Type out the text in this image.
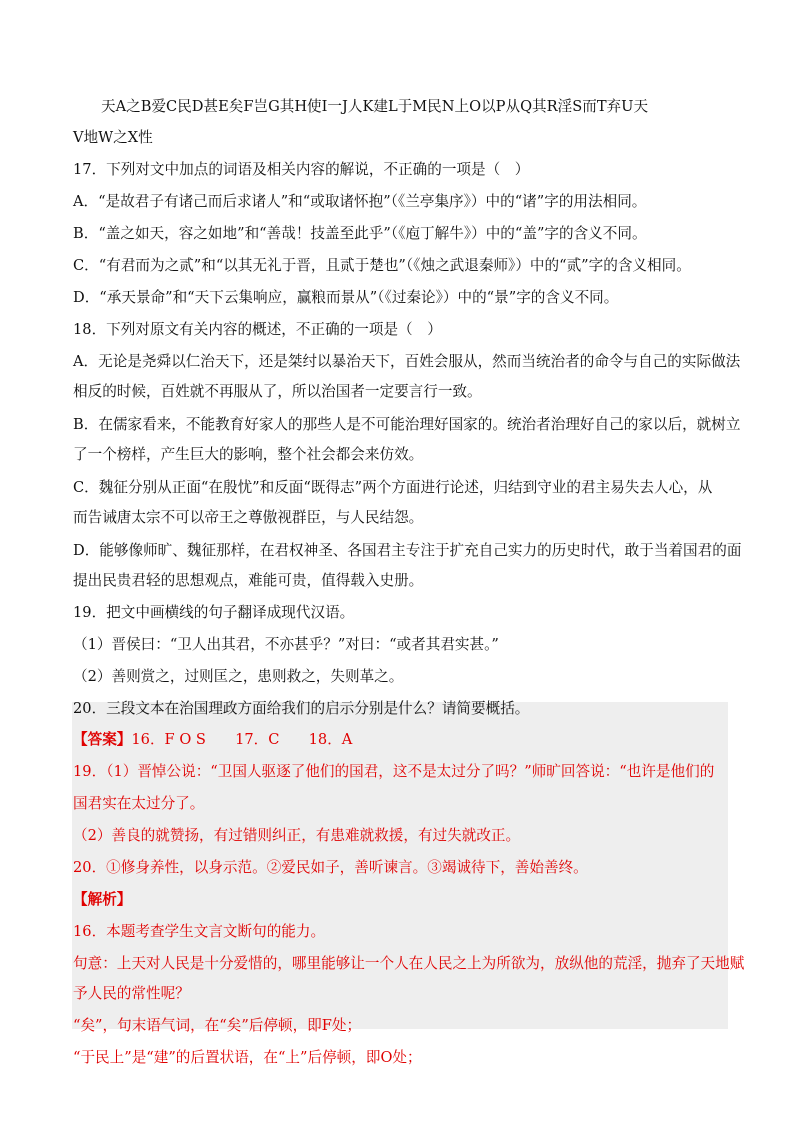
天A之B爱C民D甚E矣F岂G其H使I一J人K建L于M民N上O以P从Q其R淫S而T弃U天
V地W之X性
17．下列对文中加点的词语及相关内容的解说，不正确的一项是（　）
A．“是故君子有诸己而后求诸人”和“或取诸怀抱”（《兰亭集序》）中的“诸”字的用法相同。
B．“盖之如天，容之如地”和“善哉！技盖至此乎”（《庖丁解牛》）中的“盖”字的含义不同。
C．“有君而为之贰”和“以其无礼于晋，且贰于楚也”（《烛之武退秦师》）中的“贰”字的含义相同。
D．“承天景命”和“天下云集响应，赢粮而景从”（《过秦论》）中的“景”字的含义不同。
18．下列对原文有关内容的概述，不正确的一项是（　）
A．无论是尧舜以仁治天下，还是桀纣以暴治天下，百姓会服从，然而当统治者的命令与自己的实际做法
相反的时候，百姓就不再服从了，所以治国者一定要言行一致。
B．在儒家看来，不能教育好家人的那些人是不可能治理好国家的。统治者治理好自己的家以后，就树立
了一个榜样，产生巨大的影响，整个社会都会来仿效。
C．魏征分别从正面“在殷忧”和反面“既得志”两个方面进行论述，归结到守业的君主易失去人心，从
而告诫唐太宗不可以帝王之尊傲视群臣，与人民结怨。
D．能够像师旷、魏征那样，在君权神圣、各国君主专注于扩充自己实力的历史时代，敢于当着国君的面
提出民贵君轻的思想观点，难能可贵，值得载入史册。
19．把文中画横线的句子翻译成现代汉语。
（1）晋侯曰：“卫人出其君，不亦甚乎？”对曰：“或者其君实甚。”
（2）善则赏之，过则匡之，患则救之，失则革之。
20．三段文本在治国理政方面给我们的启示分别是什么？请简要概括。
【答案】16．F O S　　17．C　　18．A
19．（1）晋悼公说：“卫国人驱逐了他们的国君，这不是太过分了吗？”师旷回答说：“也许是他们的
国君实在太过分了。
（2）善良的就赞扬，有过错则纠正，有患难就救援，有过失就改正。
20．①修身养性，以身示范。②爱民如子，善听谏言。③竭诚待下，善始善终。
【解析】
16．本题考查学生文言文断句的能力。
句意：上天对人民是十分爱惜的，哪里能够让一个人在人民之上为所欲为，放纵他的荒淫，抛弃了天地赋
予人民的常性呢？
“矣”，句末语气词，在“矣”后停顿，即F处；
“于民上”是“建”的后置状语，在“上”后停顿，即O处；
